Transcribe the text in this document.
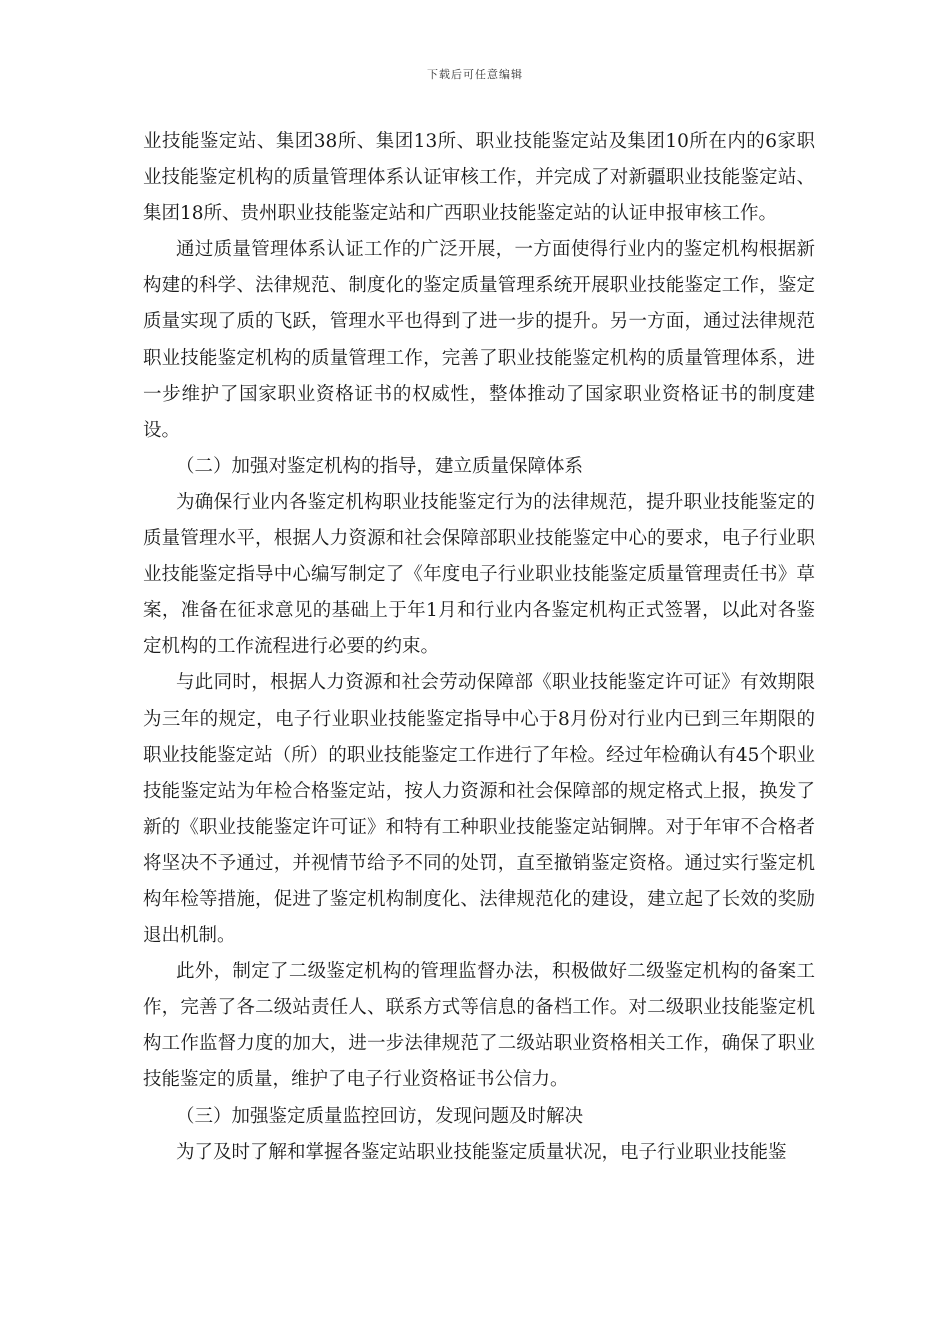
下载后可任意编辑

业技能鉴定站、集团38所、集团13所、职业技能鉴定站及集团10所在内的6家职业技能鉴定机构的质量管理体系认证审核工作，并完成了对新疆职业技能鉴定站、集团18所、贵州职业技能鉴定站和广西职业技能鉴定站的认证申报审核工作。

通过质量管理体系认证工作的广泛开展，一方面使得行业内的鉴定机构根据新构建的科学、法律规范、制度化的鉴定质量管理系统开展职业技能鉴定工作，鉴定质量实现了质的飞跃，管理水平也得到了进一步的提升。另一方面，通过法律规范职业技能鉴定机构的质量管理工作，完善了职业技能鉴定机构的质量管理体系，进一步维护了国家职业资格证书的权威性，整体推动了国家职业资格证书的制度建设。

（二）加强对鉴定机构的指导，建立质量保障体系

为确保行业内各鉴定机构职业技能鉴定行为的法律规范，提升职业技能鉴定的质量管理水平，根据人力资源和社会保障部职业技能鉴定中心的要求，电子行业职业技能鉴定指导中心编写制定了《年度电子行业职业技能鉴定质量管理责任书》草案，准备在征求意见的基础上于年1月和行业内各鉴定机构正式签署，以此对各鉴定机构的工作流程进行必要的约束。

与此同时，根据人力资源和社会劳动保障部《职业技能鉴定许可证》有效期限为三年的规定，电子行业职业技能鉴定指导中心于8月份对行业内已到三年期限的职业技能鉴定站（所）的职业技能鉴定工作进行了年检。经过年检确认有45个职业技能鉴定站为年检合格鉴定站，按人力资源和社会保障部的规定格式上报，换发了新的《职业技能鉴定许可证》和特有工种职业技能鉴定站铜牌。对于年审不合格者将坚决不予通过，并视情节给予不同的处罚，直至撤销鉴定资格。通过实行鉴定机构年检等措施，促进了鉴定机构制度化、法律规范化的建设，建立起了长效的奖励退出机制。

此外，制定了二级鉴定机构的管理监督办法，积极做好二级鉴定机构的备案工作，完善了各二级站责任人、联系方式等信息的备档工作。对二级职业技能鉴定机构工作监督力度的加大，进一步法律规范了二级站职业资格相关工作，确保了职业技能鉴定的质量，维护了电子行业资格证书公信力。

（三）加强鉴定质量监控回访，发现问题及时解决

为了及时了解和掌握各鉴定站职业技能鉴定质量状况，电子行业职业技能鉴
